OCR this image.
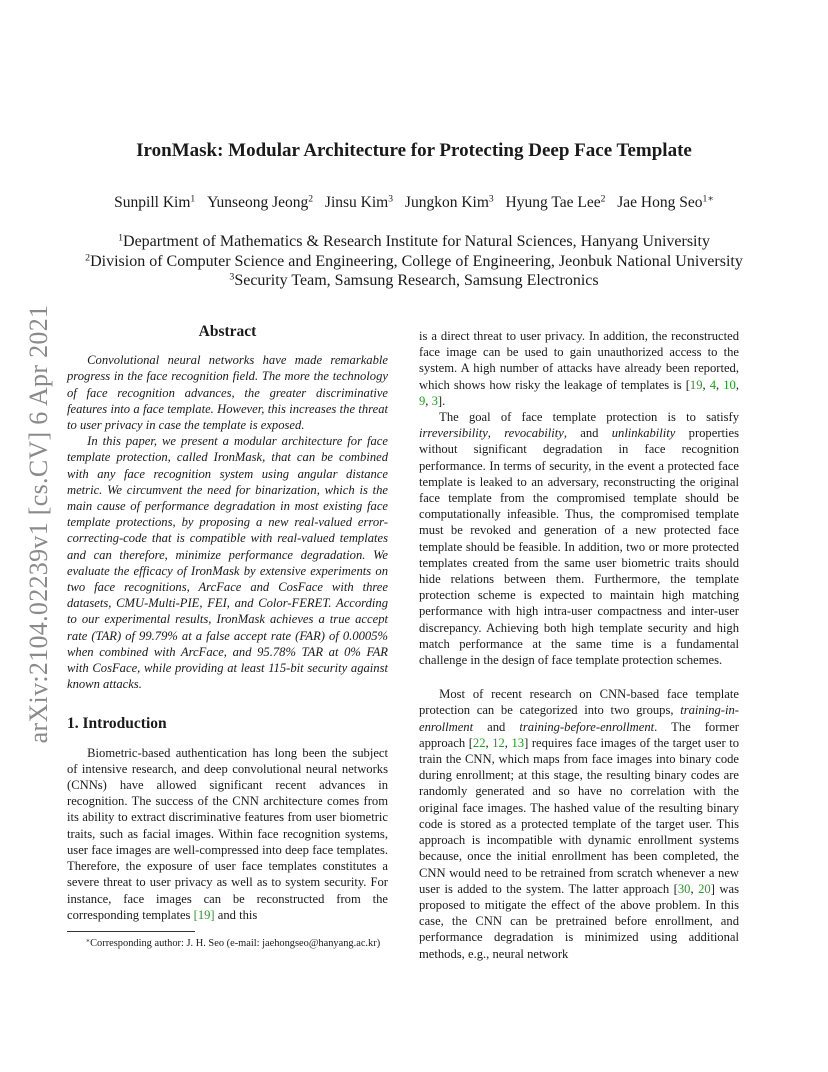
arXiv:2104.02239v1 [cs.CV] 6 Apr 2021
IronMask: Modular Architecture for Protecting Deep Face Template
Sunpill Kim$^1$ Yunseong Jeong$^2$ Jinsu Kim$^3$ Jungkon Kim$^3$ Hyung Tae Lee$^2$ Jae Hong Seo$^{1∗}$
$^1$Department of Mathematics & Research Institute for Natural Sciences, Hanyang University
$^2$Division of Computer Science and Engineering, College of Engineering, Jeonbuk National University
$^3$Security Team, Samsung Research, Samsung Electronics
Abstract

Convolutional neural networks have made remarkable progress in the face recognition field. The more the technology of face recognition advances, the greater discriminative features into a face template. However, this increases the threat to user privacy in case the template is exposed.

In this paper, we present a modular architecture for face template protection, called IronMask, that can be combined with any face recognition system using angular distance metric. We circumvent the need for binarization, which is the main cause of performance degradation in most existing face template protections, by proposing a new real-valued error-correcting-code that is compatible with real-valued templates and can therefore, minimize performance degradation. We evaluate the efficacy of IronMask by extensive experiments on two face recognitions, ArcFace and CosFace with three datasets, CMU-Multi-PIE, FEI, and Color-FERET. According to our experimental results, IronMask achieves a true accept rate (TAR) of 99.79% at a false accept rate (FAR) of 0.0005% when combined with ArcFace, and 95.78% TAR at 0% FAR with CosFace, while providing at least 115-bit security against known attacks.

1. Introduction

Biometric-based authentication has long been the subject of intensive research, and deep convolutional neural networks (CNNs) have allowed significant recent advances in recognition. The success of the CNN architecture comes from its ability to extract discriminative features from user biometric traits, such as facial images. Within face recognition systems, user face images are well-compressed into deep face templates. Therefore, the exposure of user face templates constitutes a severe threat to user privacy as well as to system security. For instance, face images can be reconstructed from the corresponding templates [19] and this

∗Corresponding author: J. H. Seo (e-mail: jaehongseo@hanyang.ac.kr)

is a direct threat to user privacy. In addition, the reconstructed face image can be used to gain unauthorized access to the system. A high number of attacks have already been reported, which shows how risky the leakage of templates is [19, 4, 10, 9, 3].

The goal of face template protection is to satisfy irreversibility, revocability, and unlinkability properties without significant degradation in face recognition performance. In terms of security, in the event a protected face template is leaked to an adversary, reconstructing the original face template from the compromised template should be computationally infeasible. Thus, the compromised template must be revoked and generation of a new protected face template should be feasible. In addition, two or more protected templates created from the same user biometric traits should hide relations between them. Furthermore, the template protection scheme is expected to maintain high matching performance with high intra-user compactness and inter-user discrepancy. Achieving both high template security and high match performance at the same time is a fundamental challenge in the design of face template protection schemes.

Most of recent research on CNN-based face template protection can be categorized into two groups, training-in-enrollment and training-before-enrollment. The former approach [22, 12, 13] requires face images of the target user to train the CNN, which maps from face images into binary code during enrollment; at this stage, the resulting binary codes are randomly generated and so have no correlation with the original face images. The hashed value of the resulting binary code is stored as a protected template of the target user. This approach is incompatible with dynamic enrollment systems because, once the initial enrollment has been completed, the CNN would need to be retrained from scratch whenever a new user is added to the system. The latter approach [30, 20] was proposed to mitigate the effect of the above problem. In this case, the CNN can be pretrained before enrollment, and performance degradation is minimized using additional methods, e.g., neural network
